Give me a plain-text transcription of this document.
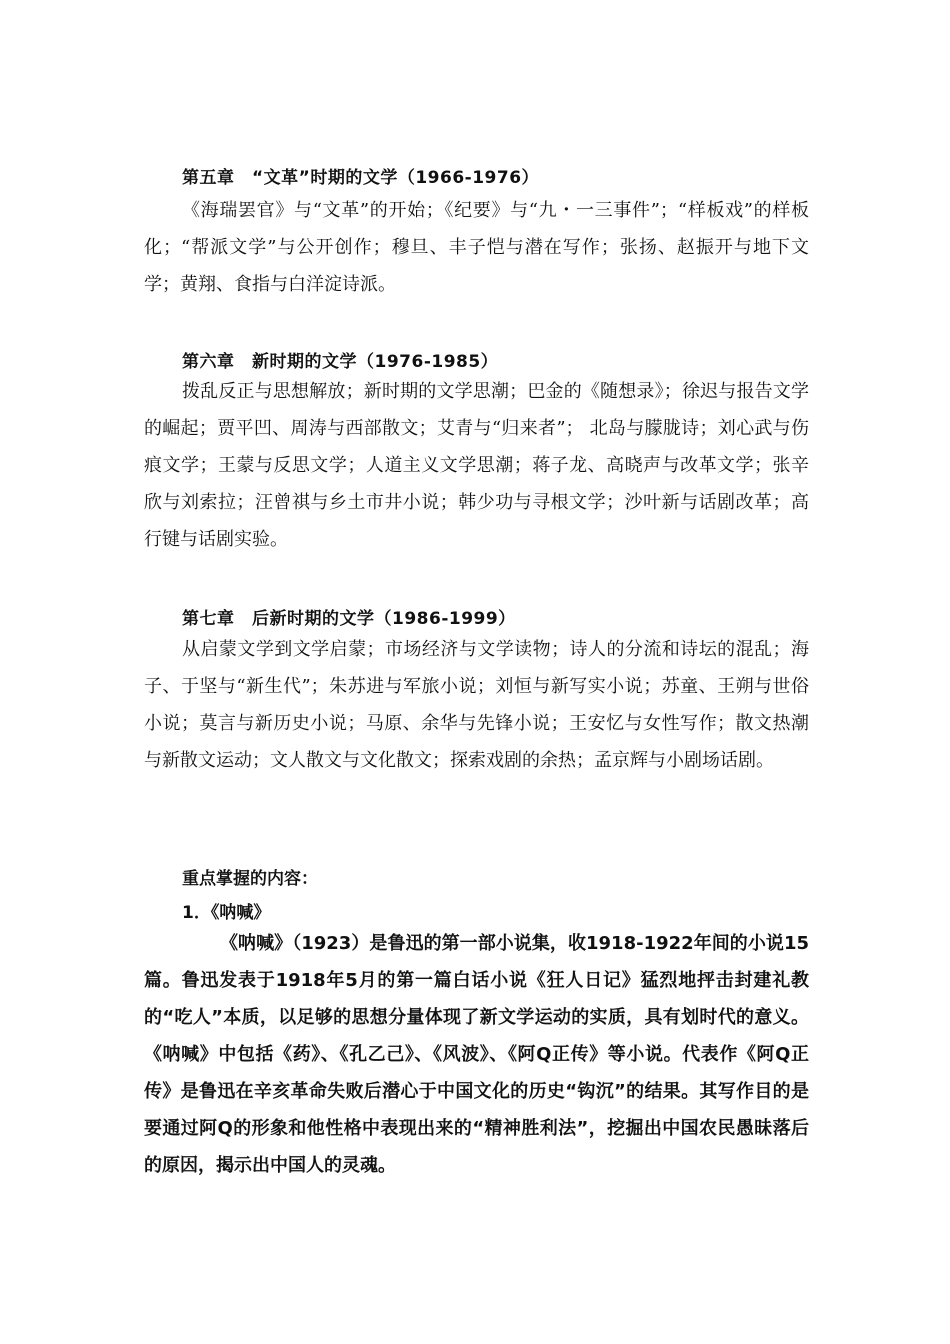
第五章　“文革”时期的文学（1966-1976）
《海瑞罢官》与“文革”的开始；《纪要》与“九・一三事件”；“样板戏”的样板化；“帮派文学”与公开创作；穆旦、丰子恺与潜在写作；张扬、赵振开与地下文学；黄翔、食指与白洋淀诗派。
第六章　新时期的文学（1976-1985）
拨乱反正与思想解放；新时期的文学思潮；巴金的《随想录》；徐迟与报告文学的崛起；贾平凹、周涛与西部散文；艾青与“归来者”； 北岛与朦胧诗；刘心武与伤痕文学；王蒙与反思文学；人道主义文学思潮；蒋子龙、高晓声与改革文学；张辛欣与刘索拉；汪曾祺与乡土市井小说；韩少功与寻根文学；沙叶新与话剧改革；高行键与话剧实验。
第七章　后新时期的文学（1986-1999）
从启蒙文学到文学启蒙；市场经济与文学读物；诗人的分流和诗坛的混乱；海子、于坚与“新生代”；朱苏进与军旅小说；刘恒与新写实小说；苏童、王朔与世俗小说；莫言与新历史小说；马原、余华与先锋小说；王安忆与女性写作；散文热潮与新散文运动；文人散文与文化散文；探索戏剧的余热；孟京辉与小剧场话剧。
重点掌握的内容：
1．《呐喊》
《呐喊》（1923）是鲁迅的第一部小说集，收1918-1922年间的小说15篇。鲁迅发表于1918年5月的第一篇白话小说《狂人日记》猛烈地抨击封建礼教的“吃人”本质，以足够的思想分量体现了新文学运动的实质，具有划时代的意义。《呐喊》中包括《药》、《孔乙己》、《风波》、《阿Q正传》等小说。代表作《阿Q正传》是鲁迅在辛亥革命失败后潜心于中国文化的历史“钩沉”的结果。其写作目的是要通过阿Q的形象和他性格中表现出来的“精神胜利法”，挖掘出中国农民愚昧落后的原因，揭示出中国人的灵魂。
